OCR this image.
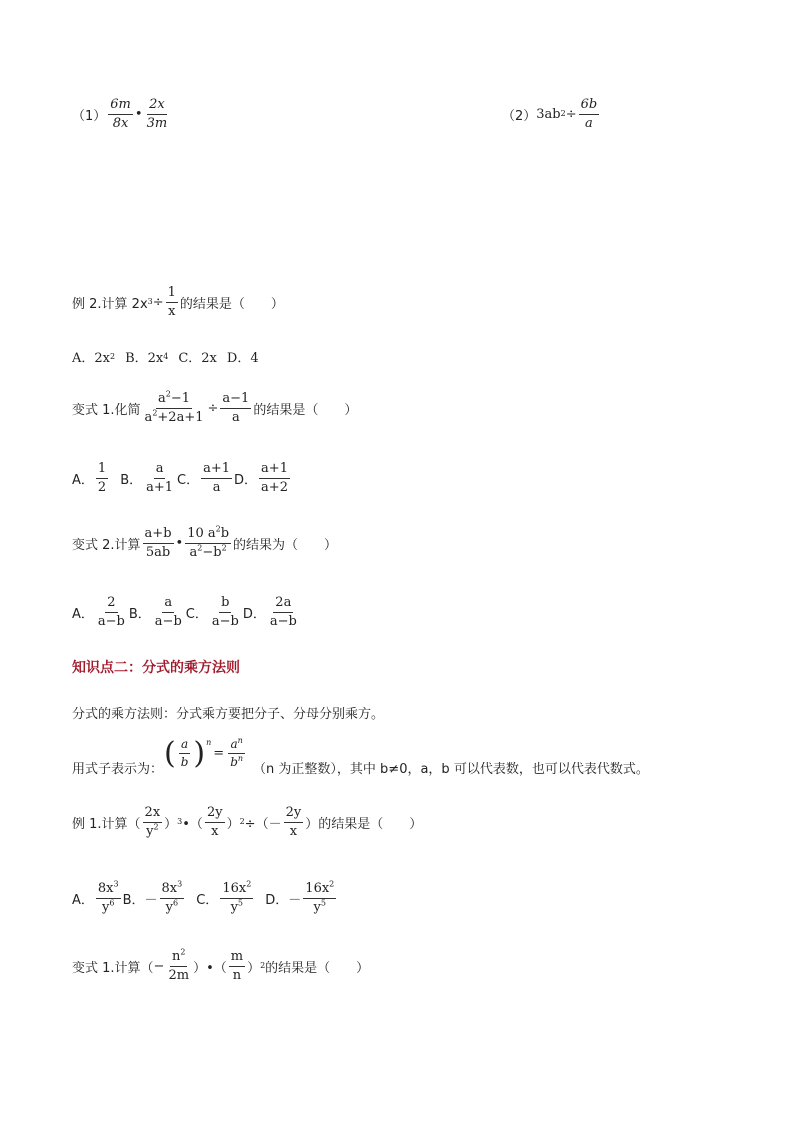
$(1) \frac{6m}{8x}$ • $\frac{2x}{3m}$	（2） 3ab $2 \div \frac{6b}{a}$
例 2.计算 2x $3 \div \frac{1}{x}$ 的结果是（　　）
A．2x 2 B．2x 4 C．2x D．4
变式 1.化简 $\frac{a^2-1}{a^2+2a+1} \div \frac{a-1}{a}$ 的结果是（　　）
A． $\frac{1}{2}$ B． $\frac{a}{a+1}$ C． $\frac{a+1}{a}$ D． $\frac{a+1}{a+2}$
变式 2.计算 $\frac{a+b}{5ab}$ • $\frac{10 a^2b}{a^2-b^2}$ 的结果为（　　）
A． $\frac{2}{a-b}$ B． $\frac{a}{a-b}$ C． $\frac{b}{a-b}$ D． $\frac{2a}{a-b}$
知识点二：分式的乘方法则
分式的乘方法则：分式乘方要把分子、分母分别乘方。
用式子表示为： ( $\frac{a}{b}$ ) n
= $\frac{a^n}{b^n}$
（n 为正整数），其中 b≠0，a，b 可以代表数，也可以代表代数式。
例 1.计算（ $\frac{2x}{y^2}$ ） 3 •（ $\frac{2y}{x}$ ） 2 ÷（－ $\frac{2y}{x}$ ）的结果是（　　）
A． $\frac{8x^3}{y^6}$ B．－ $\frac{8x^3}{y^6}$ C． $\frac{16x^2}{y^5}$ D．－ $\frac{16x^2}{y^5}$
变式 1.计算（ − $\frac{n^2}{2m}$ ）•（ $\frac{m}{n}$ ） 2 的结果是（　　）
